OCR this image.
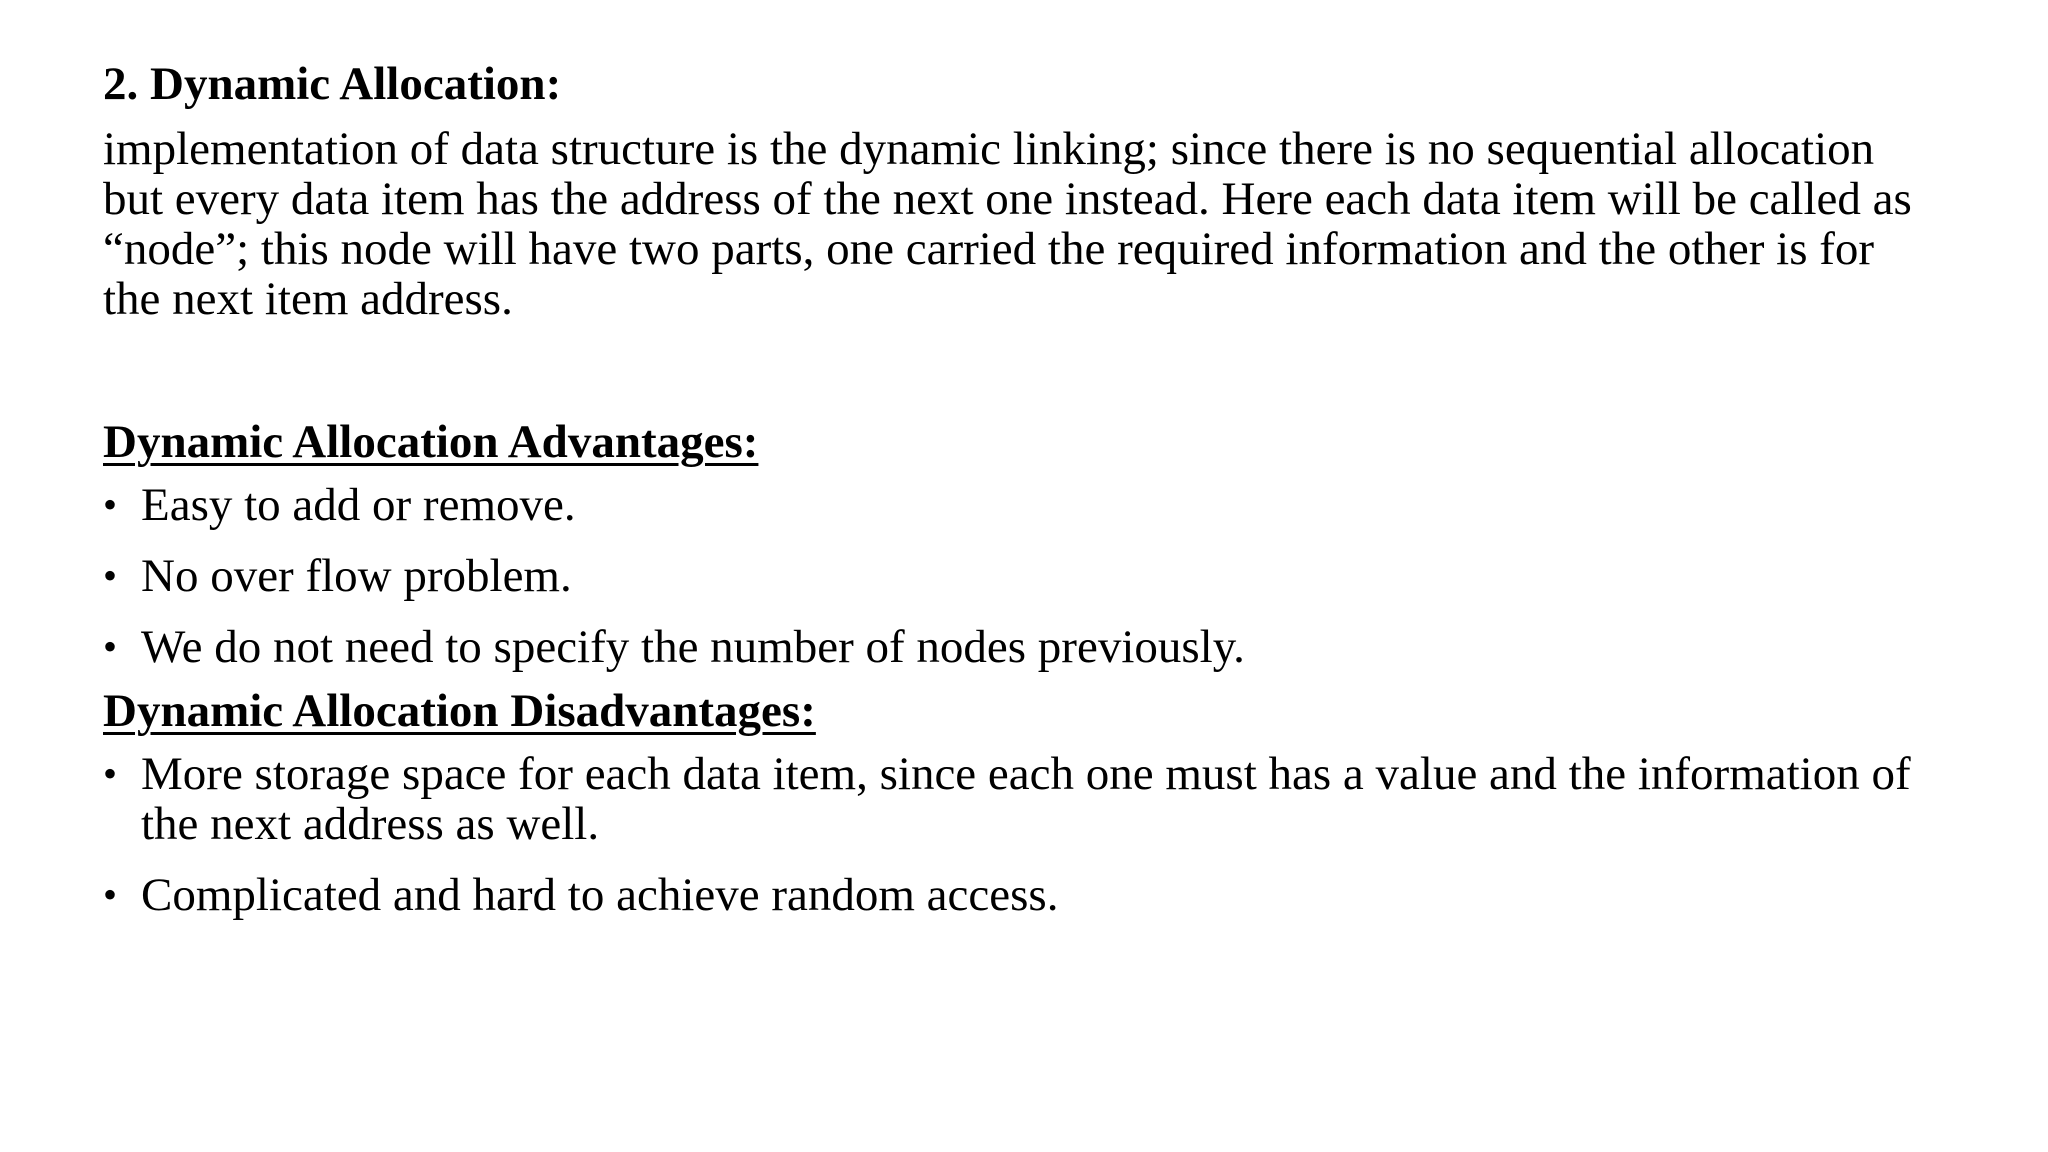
2. Dynamic Allocation:

implementation of data structure is the dynamic linking; since there is no sequential allocation but every data item has the address of the next one instead. Here each data item will be called as “node”; this node will have two parts, one carried the required information and the other is for the next item address.

Dynamic Allocation Advantages:

• Easy to add or remove.
• No over flow problem.
• We do not need to specify the number of nodes previously.

Dynamic Allocation Disadvantages:

• More storage space for each data item, since each one must has a value and the information of the next address as well.
• Complicated and hard to achieve random access.
